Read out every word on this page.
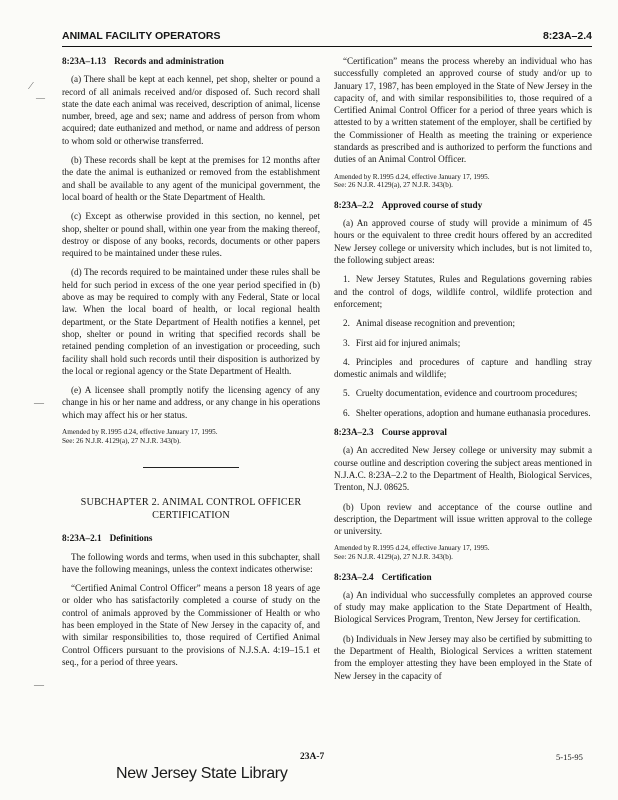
ANIMAL FACILITY OPERATORS	8:23A–2.4
⁄
—
—
—
8:23A–1.13 Records and administration

(a) There shall be kept at each kennel, pet shop, shelter or pound a record of all animals received and/or disposed of. Such record shall state the date each animal was received, description of animal, license number, breed, age and sex; name and address of person from whom acquired; date euthanized and method, or name and address of person to whom sold or otherwise transferred.

(b) These records shall be kept at the premises for 12 months after the date the animal is euthanized or removed from the establishment and shall be available to any agent of the municipal government, the local board of health or the State Department of Health.

(c) Except as otherwise provided in this section, no kennel, pet shop, shelter or pound shall, within one year from the making thereof, destroy or dispose of any books, records, documents or other papers required to be maintained under these rules.

(d) The records required to be maintained under these rules shall be held for such period in excess of the one year period specified in (b) above as may be required to comply with any Federal, State or local law. When the local board of health, or local regional health department, or the State Department of Health notifies a kennel, pet shop, shelter or pound in writing that specified records shall be retained pending completion of an investigation or proceeding, such facility shall hold such records until their disposition is authorized by the local or regional agency or the State Department of Health.

(e) A licensee shall promptly notify the licensing agency of any change in his or her name and address, or any change in his operations which may affect his or her status.

Amended by R.1995 d.24, effective January 17, 1995.
See: 26 N.J.R. 4129(a), 27 N.J.R. 343(b).
SUBCHAPTER 2. ANIMAL CONTROL OFFICER CERTIFICATION
8:23A–2.1 Definitions

The following words and terms, when used in this subchapter, shall have the following meanings, unless the context indicates otherwise:

“Certified Animal Control Officer” means a person 18 years of age or older who has satisfactorily completed a course of study on the control of animals approved by the Commissioner of Health or who has been employed in the State of New Jersey in the capacity of, and with similar responsibilities to, those required of Certified Animal Control Officers pursuant to the provisions of N.J.S.A. 4:19–15.1 et seq., for a period of three years.

“Certification” means the process whereby an individual who has successfully completed an approved course of study and/or up to January 17, 1987, has been employed in the State of New Jersey in the capacity of, and with similar responsibilities to, those required of a Certified Animal Control Officer for a period of three years which is attested to by a written statement of the employer, shall be certified by the Commissioner of Health as meeting the training or experience standards as prescribed and is authorized to perform the functions and duties of an Animal Control Officer.

Amended by R.1995 d.24, effective January 17, 1995.
See: 26 N.J.R. 4129(a), 27 N.J.R. 343(b).
8:23A–2.2 Approved course of study

(a) An approved course of study will provide a minimum of 45 hours or the equivalent to three credit hours offered by an accredited New Jersey college or university which includes, but is not limited to, the following subject areas:

1. New Jersey Statutes, Rules and Regulations governing rabies and the control of dogs, wildlife control, wildlife protection and enforcement;

2. Animal disease recognition and prevention;

3. First aid for injured animals;

4. Principles and procedures of capture and handling stray domestic animals and wildlife;

5. Cruelty documentation, evidence and courtroom procedures;

6. Shelter operations, adoption and humane euthanasia procedures.

8:23A–2.3 Course approval

(a) An accredited New Jersey college or university may submit a course outline and description covering the subject areas mentioned in N.J.A.C. 8:23A–2.2 to the Department of Health, Biological Services, Trenton, N.J. 08625.

(b) Upon review and acceptance of the course outline and description, the Department will issue written approval to the college or university.

Amended by R.1995 d.24, effective January 17, 1995.
See: 26 N.J.R. 4129(a), 27 N.J.R. 343(b).
8:23A–2.4 Certification

(a) An individual who successfully completes an approved course of study may make application to the State Department of Health, Biological Services Program, Trenton, New Jersey for certification.

(b) Individuals in New Jersey may also be certified by submitting to the Department of Health, Biological Services a written statement from the employer attesting they have been employed in the State of New Jersey in the capacity of

23A-7	5-15-95
New Jersey State Library
